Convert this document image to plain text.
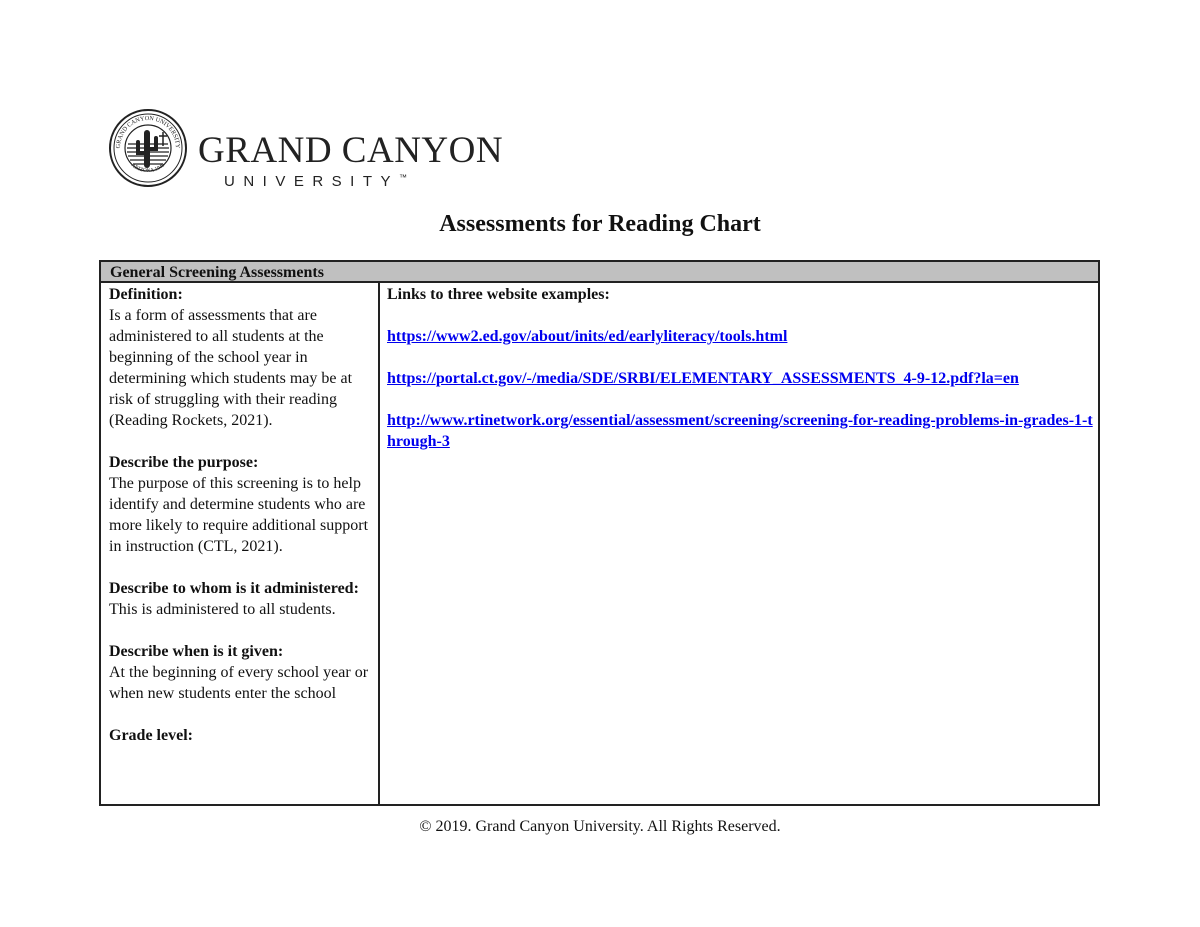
GRAND CANYON UNIVERSITY
ARIZONA 1949 GRAND CANYON
UNIVERSITY™
Assessments for Reading Chart
General Screening Assessments
Definition:
Is a form of assessments that are administered to all students at the beginning of the school year in determining which students may be at risk of struggling with their reading (Reading Rockets, 2021).
Describe the purpose:
The purpose of this screening is to help identify and determine students who are more likely to require additional support in instruction (CTL, 2021).
Describe to whom is it administered:
This is administered to all students.
Describe when is it given:
At the beginning of every school year or when new students enter the school
Grade level:
Links to three website examples:
https://www2.ed.gov/about/inits/ed/earlyliteracy/tools.html
https://portal.ct.gov/-/media/SDE/SRBI/ELEMENTARY_ASSESSMENTS_4-9-12.pdf?la=en
http://www.rtinetwork.org/essential/assessment/screening/screening-for-reading-problems-in-grades-1-through-3
© 2019. Grand Canyon University. All Rights Reserved.
